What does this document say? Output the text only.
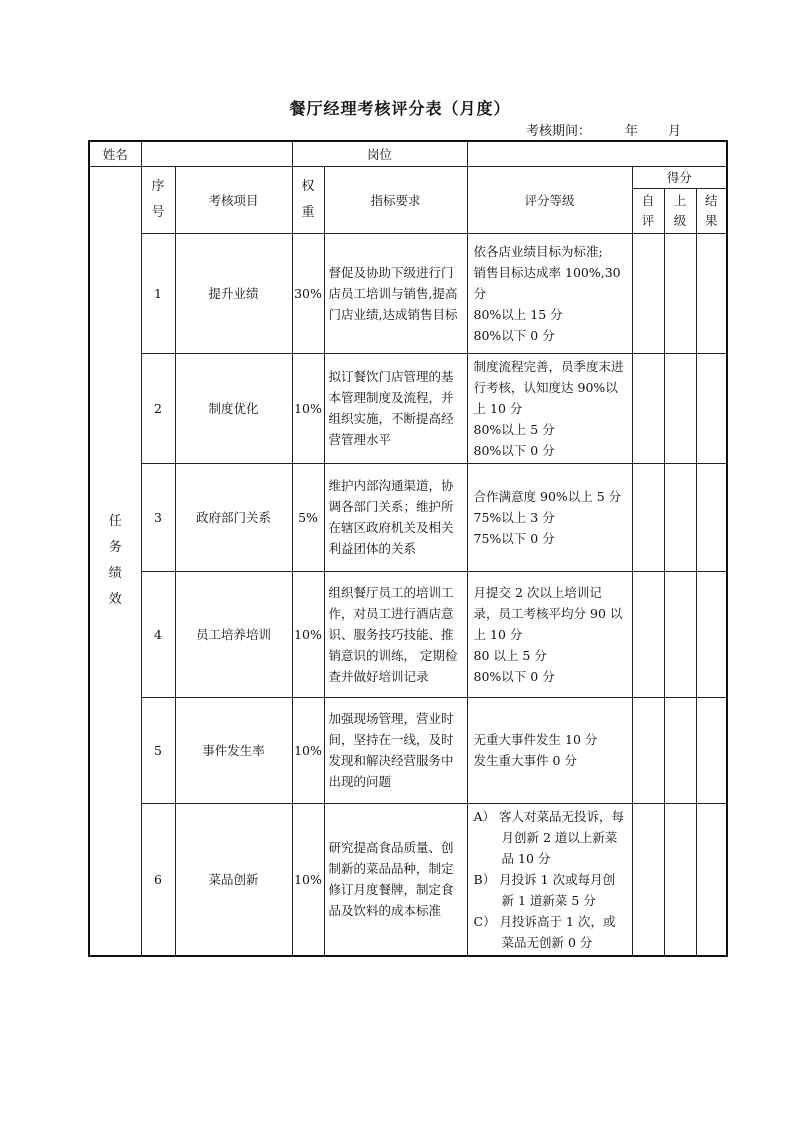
餐厅经理考核评分表（月度）
考核期间：	年 月
姓名			岗位					

任务绩效	序号	考核项目	权重	指标要求	评分等级	得分		

						自评	上级	结果

	1	提升业绩	30%	督促及协助下级进行门店员工培训与销售,提高门店业绩,达成销售目标	依各店业绩目标为标准;
销售目标达成率 100%,30 分
80%以上 15 分
80%以下 0 分			

	2	制度优化	10%	拟订餐饮门店管理的基本管理制度及流程，并组织实施，不断提高经营管理水平	制度流程完善，员季度末进行考核，认知度达 90%以上 10 分
80%以上 5 分
80%以下 0 分			

	3	政府部门关系	5%	维护内部沟通渠道，协调各部门关系；维护所在辖区政府机关及相关利益团体的关系	合作满意度 90%以上 5 分
75%以上 3 分
75%以下 0 分			

	4	员工培养培训	10%	组织餐厅员工的培训工作，对员工进行酒店意识、服务技巧技能、推销意识的训练， 定期检查并做好培训记录	月提交 2 次以上培训记录，员工考核平均分 90 以上 10 分
80 以上 5 分
80%以下 0 分			

	5	事件发生率	10%	加强现场管理，营业时间，坚持在一线，及时发现和解决经营服务中出现的问题	无重大事件发生 10 分
发生重大事件 0 分			

	6	菜品创新	10%	研究提高食品质量、创制新的菜品品种，制定修订月度餐牌，制定食品及饮料的成本标准	A） 客人对菜品无投诉，每月创新 2 道以上新菜品 10 分
B） 月投诉 1 次或每月创新 1 道新菜 5 分
C） 月投诉高于 1 次，或菜品无创新 0 分			
